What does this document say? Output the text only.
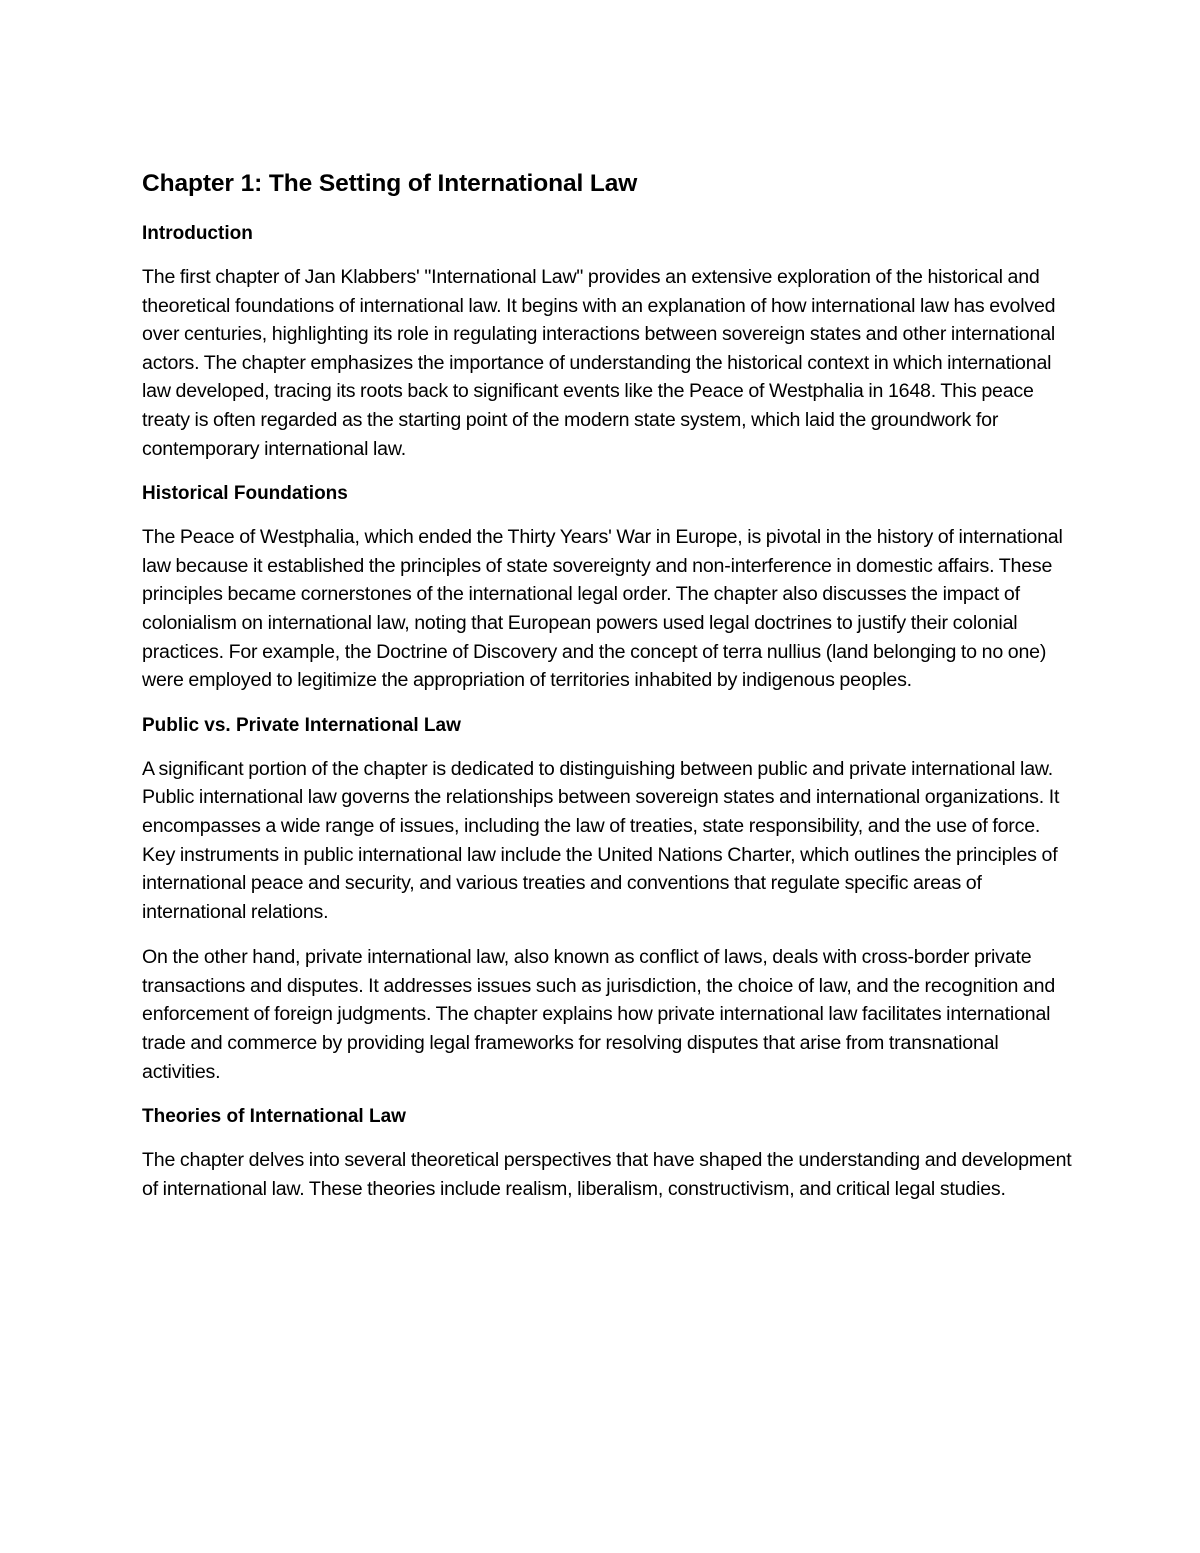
Chapter 1: The Setting of International Law
Introduction

The first chapter of Jan Klabbers' "International Law" provides an extensive exploration of the historical and theoretical foundations of international law. It begins with an explanation of how international law has evolved over centuries, highlighting its role in regulating interactions between sovereign states and other international actors. The chapter emphasizes the importance of understanding the historical context in which international law developed, tracing its roots back to significant events like the Peace of Westphalia in 1648. This peace treaty is often regarded as the starting point of the modern state system, which laid the groundwork for contemporary international law.

Historical Foundations

The Peace of Westphalia, which ended the Thirty Years' War in Europe, is pivotal in the history of international law because it established the principles of state sovereignty and non-interference in domestic affairs. These principles became cornerstones of the international legal order. The chapter also discusses the impact of colonialism on international law, noting that European powers used legal doctrines to justify their colonial practices. For example, the Doctrine of Discovery and the concept of terra nullius (land belonging to no one) were employed to legitimize the appropriation of territories inhabited by indigenous peoples.

Public vs. Private International Law

A significant portion of the chapter is dedicated to distinguishing between public and private international law. Public international law governs the relationships between sovereign states and international organizations. It encompasses a wide range of issues, including the law of treaties, state responsibility, and the use of force. Key instruments in public international law include the United Nations Charter, which outlines the principles of international peace and security, and various treaties and conventions that regulate specific areas of international relations.

On the other hand, private international law, also known as conflict of laws, deals with cross-border private transactions and disputes. It addresses issues such as jurisdiction, the choice of law, and the recognition and enforcement of foreign judgments. The chapter explains how private international law facilitates international trade and commerce by providing legal frameworks for resolving disputes that arise from transnational activities.

Theories of International Law

The chapter delves into several theoretical perspectives that have shaped the understanding and development of international law. These theories include realism, liberalism, constructivism, and critical legal studies.
